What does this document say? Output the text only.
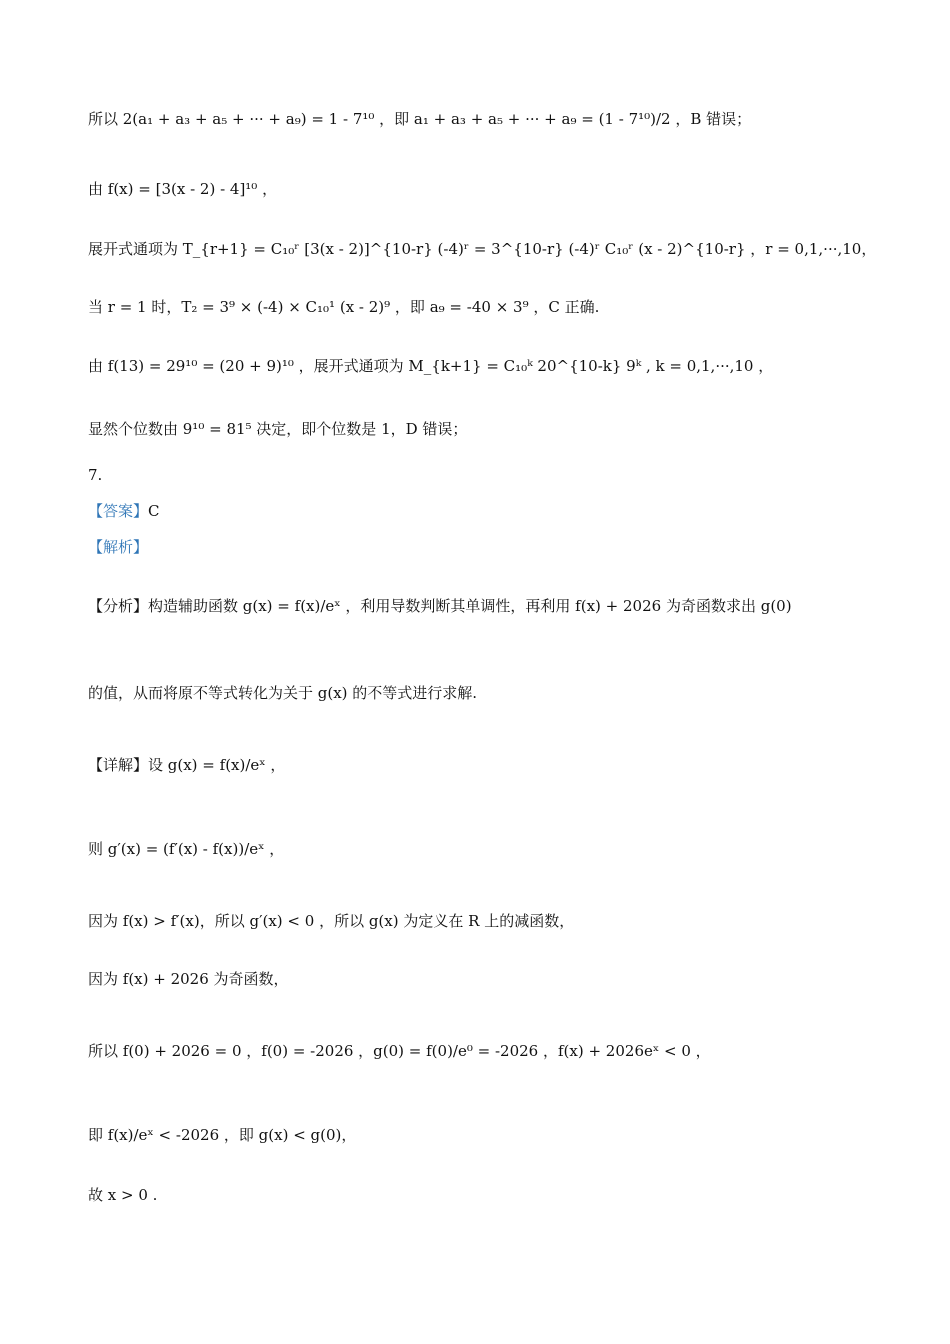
所以 2(a₁ + a₃ + a₅ + ··· + a₉) = 1 - 7¹⁰ ，即 a₁ + a₃ + a₅ + ··· + a₉ = (1 - 7¹⁰)/2 ，B 错误；
由 f(x) = [3(x - 2) - 4]¹⁰ ，
展开式通项为 T_{r+1} = C₁₀ʳ [3(x - 2)]^{10-r} (-4)ʳ = 3^{10-r} (-4)ʳ C₁₀ʳ (x - 2)^{10-r} ，r = 0,1,···,10，
当 r = 1 时，T₂ = 3⁹ × (-4) × C₁₀¹ (x - 2)⁹ ，即 a₉ = -40 × 3⁹ ，C 正确.
由 f(13) = 29¹⁰ = (20 + 9)¹⁰ ，展开式通项为 M_{k+1} = C₁₀ᵏ 20^{10-k} 9ᵏ , k = 0,1,···,10 ，
显然个位数由 9¹⁰ = 81⁵ 决定，即个位数是 1，D 错误；
7.
【答案】C
【解析】
【分析】构造辅助函数 g(x) = f(x)/eˣ ，利用导数判断其单调性，再利用 f(x) + 2026 为奇函数求出 g(0)
的值，从而将原不等式转化为关于 g(x) 的不等式进行求解.
【详解】设 g(x) = f(x)/eˣ ，
则 g′(x) = (f′(x) - f(x))/eˣ ，
因为 f(x) > f′(x)，所以 g′(x) < 0 ，所以 g(x) 为定义在 R 上的减函数，
因为 f(x) + 2026 为奇函数，
所以 f(0) + 2026 = 0 ，f(0) = -2026 ，g(0) = f(0)/e⁰ = -2026 ，f(x) + 2026eˣ < 0 ，
即 f(x)/eˣ < -2026 ，即 g(x) < g(0)，
故 x > 0 .
